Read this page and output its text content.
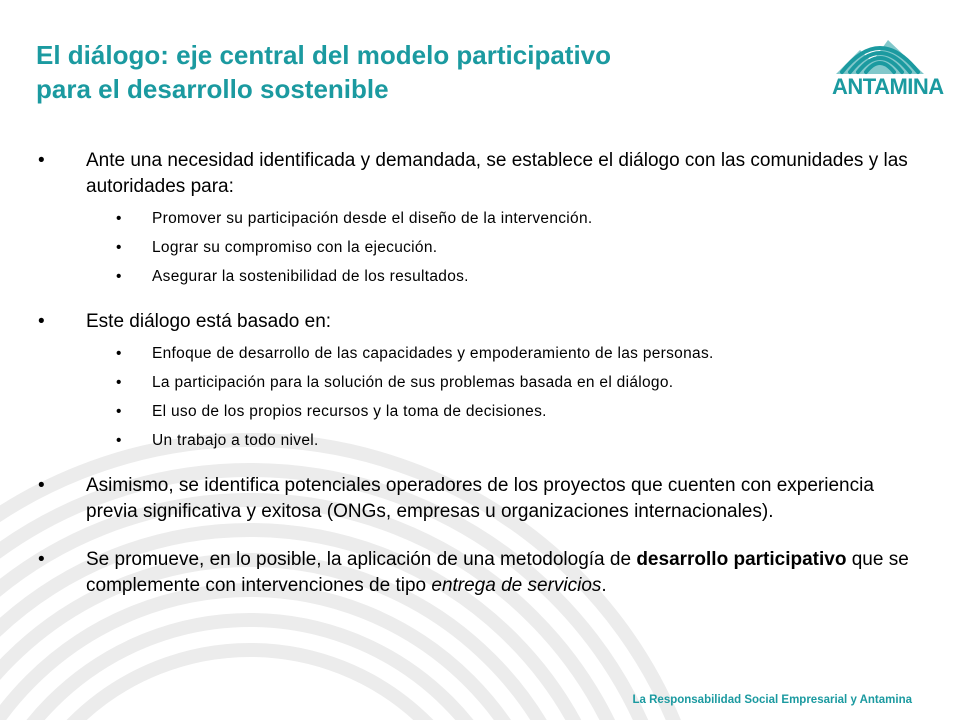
El diálogo: eje central del modelo participativo
para el desarrollo sostenible	ANTAMINA
• Ante una necesidad identificada y demandada, se establece el diálogo con las comunidades y las autoridades para:
• Promover su participación desde el diseño de la intervención.
• Lograr su compromiso con la ejecución.
• Asegurar la sostenibilidad de los resultados.
• Este diálogo está basado en:
• Enfoque de desarrollo de las capacidades y empoderamiento de las personas.
• La participación para la solución de sus problemas basada en el diálogo.
• El uso de los propios recursos y la toma de decisiones.
• Un trabajo a todo nivel.
• Asimismo, se identifica potenciales operadores de los proyectos que cuenten con experiencia previa significativa y exitosa (ONGs, empresas u organizaciones internacionales).
• Se promueve, en lo posible, la aplicación de una metodología de desarrollo participativo que se complemente con intervenciones de tipo entrega de servicios.
La Responsabilidad Social Empresarial y Antamina
